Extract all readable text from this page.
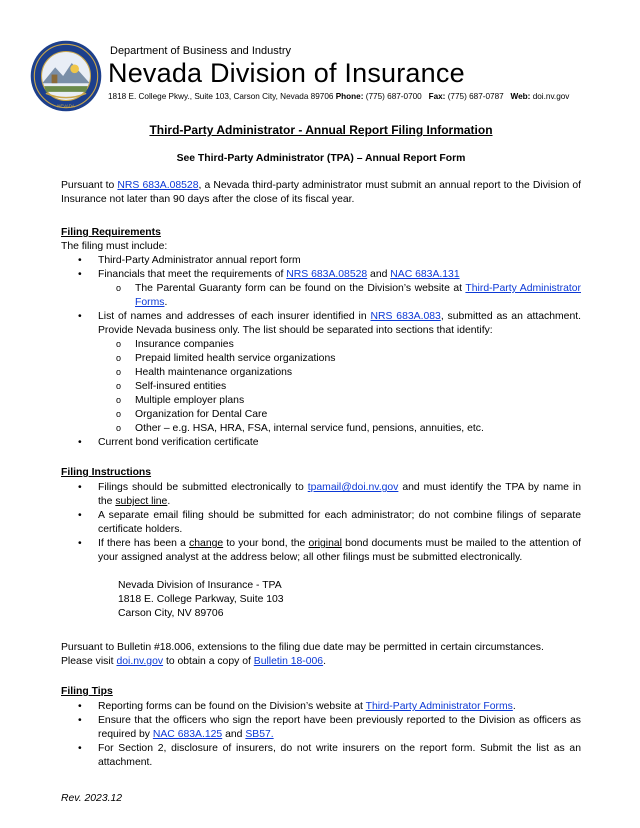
NEVADA
Department of Business and Industry
Nevada Division of Insurance
1818 E. College Pkwy., Suite 103, Carson City, Nevada 89706 Phone: (775) 687-0700 Fax: (775) 687-0787 Web: doi.nv.gov
Third-Party Administrator - Annual Report Filing Information
See Third-Party Administrator (TPA) – Annual Report Form

Pursuant to NRS 683A.08528, a Nevada third-party administrator must submit an annual report to the Division of Insurance not later than 90 days after the close of its fiscal year.

Filing Requirements

The filing must include:

• Third-Party Administrator annual report form
• Financials that meet the requirements of NRS 683A.08528 and NAC 683A.131
o The Parental Guaranty form can be found on the Division’s website at Third-Party Administrator Forms.
• List of names and addresses of each insurer identified in NRS 683A.083, submitted as an attachment. Provide Nevada business only. The list should be separated into sections that identify:
o Insurance companies
o Prepaid limited health service organizations
o Health maintenance organizations
o Self-insured entities
o Multiple employer plans
o Organization for Dental Care
o Other – e.g. HSA, HRA, FSA, internal service fund, pensions, annuities, etc.
• Current bond verification certificate
Filing Instructions
• Filings should be submitted electronically to tpamail@doi.nv.gov and must identify the TPA by name in the subject line.
• A separate email filing should be submitted for each administrator; do not combine filings of separate certificate holders.
• If there has been a change to your bond, the original bond documents must be mailed to the attention of your assigned analyst at the address below; all other filings must be submitted electronically.
Nevada Division of Insurance - TPA
1818 E. College Parkway, Suite 103
Carson City, NV 89706

Pursuant to Bulletin #18.006, extensions to the filing due date may be permitted in certain circumstances.
Please visit doi.nv.gov to obtain a copy of Bulletin 18-006.

Filing Tips
• Reporting forms can be found on the Division’s website at Third-Party Administrator Forms.
• Ensure that the officers who sign the report have been previously reported to the Division as officers as required by NAC 683A.125 and SB57.
• For Section 2, disclosure of insurers, do not write insurers on the report form. Submit the list as an attachment.
Rev. 2023.12
